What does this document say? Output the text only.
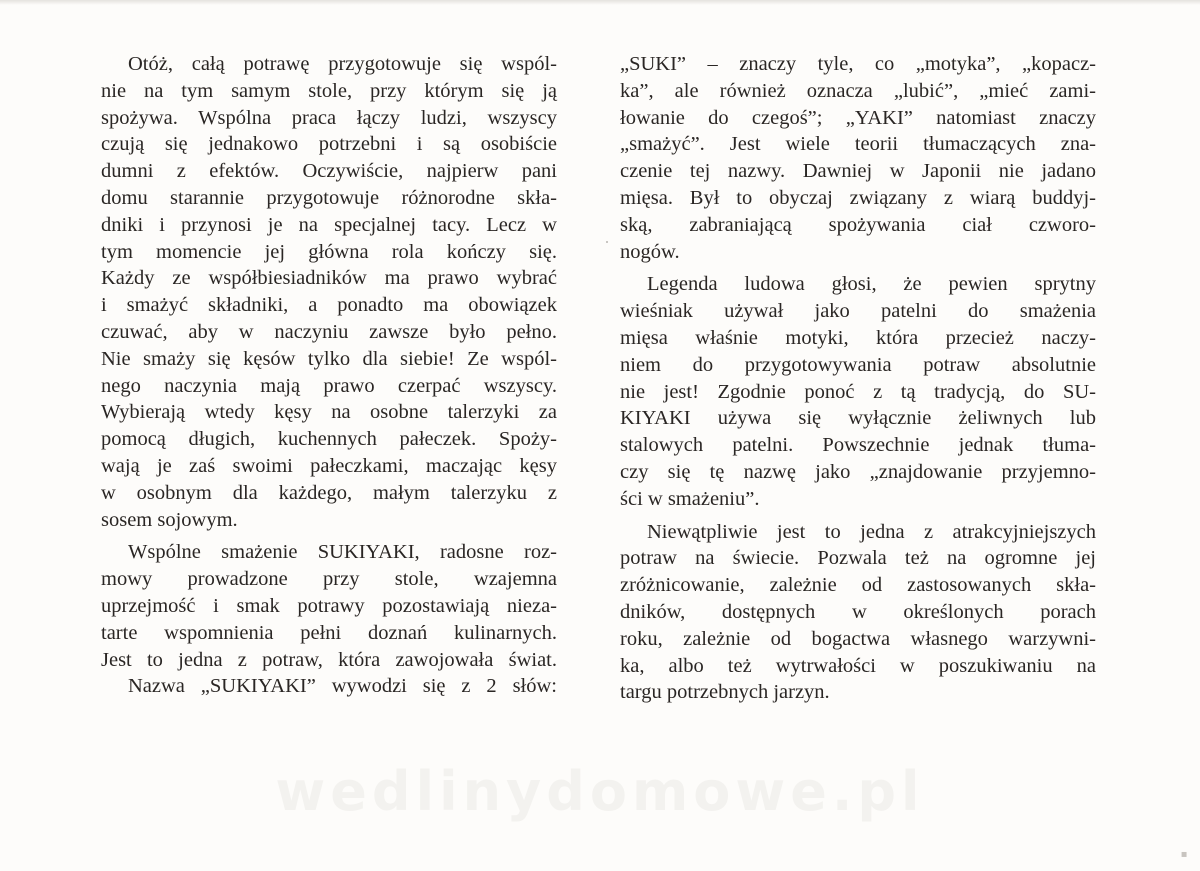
Otóż, całą potrawę przygotowuje się wspól-
nie na tym samym stole, przy którym się ją
spożywa. Wspólna praca łączy ludzi, wszyscy
czują się jednakowo potrzebni i są osobiście
dumni z efektów. Oczywiście, najpierw pani
domu starannie przygotowuje różnorodne skła-
dniki i przynosi je na specjalnej tacy. Lecz w
tym momencie jej główna rola kończy się.
Każdy ze współbiesiadników ma prawo wybrać
i smażyć składniki, a ponadto ma obowiązek
czuwać, aby w naczyniu zawsze było pełno.
Nie smaży się kęsów tylko dla siebie! Ze wspól-
nego naczynia mają prawo czerpać wszyscy.
Wybierają wtedy kęsy na osobne talerzyki za
pomocą długich, kuchennych pałeczek. Spoży-
wają je zaś swoimi pałeczkami, maczając kęsy
w osobnym dla każdego, małym talerzyku z
sosem sojowym.
Wspólne smażenie SUKIYAKI, radosne roz-
mowy prowadzone przy stole, wzajemna
uprzejmość i smak potrawy pozostawiają nieza-
tarte wspomnienia pełni doznań kulinarnych.
Jest to jedna z potraw, która zawojowała świat.
Nazwa „SUKIYAKI” wywodzi się z 2 słów:
„SUKI” – znaczy tyle, co „motyka”, „kopacz-
ka”, ale również oznacza „lubić”, „mieć zami-
łowanie do czegoś”; „YAKI” natomiast znaczy
„smażyć”. Jest wiele teorii tłumaczących zna-
czenie tej nazwy. Dawniej w Japonii nie jadano
mięsa. Był to obyczaj związany z wiarą buddyj-
ską, zabraniającą spożywania ciał czworo-
nogów.
Legenda ludowa głosi, że pewien sprytny
wieśniak używał jako patelni do smażenia
mięsa właśnie motyki, która przecież naczy-
niem do przygotowywania potraw absolutnie
nie jest! Zgodnie ponoć z tą tradycją, do SU-
KIYAKI używa się wyłącznie żeliwnych lub
stalowych patelni. Powszechnie jednak tłuma-
czy się tę nazwę jako „znajdowanie przyjemno-
ści w smażeniu”.
Niewątpliwie jest to jedna z atrakcyjniejszych
potraw na świecie. Pozwala też na ogromne jej
zróżnicowanie, zależnie od zastosowanych skła-
dników, dostępnych w określonych porach
roku, zależnie od bogactwa własnego warzywni-
ka, albo też wytrwałości w poszukiwaniu na
targu potrzebnych jarzyn.
wedlinydomowe.pl
▪
